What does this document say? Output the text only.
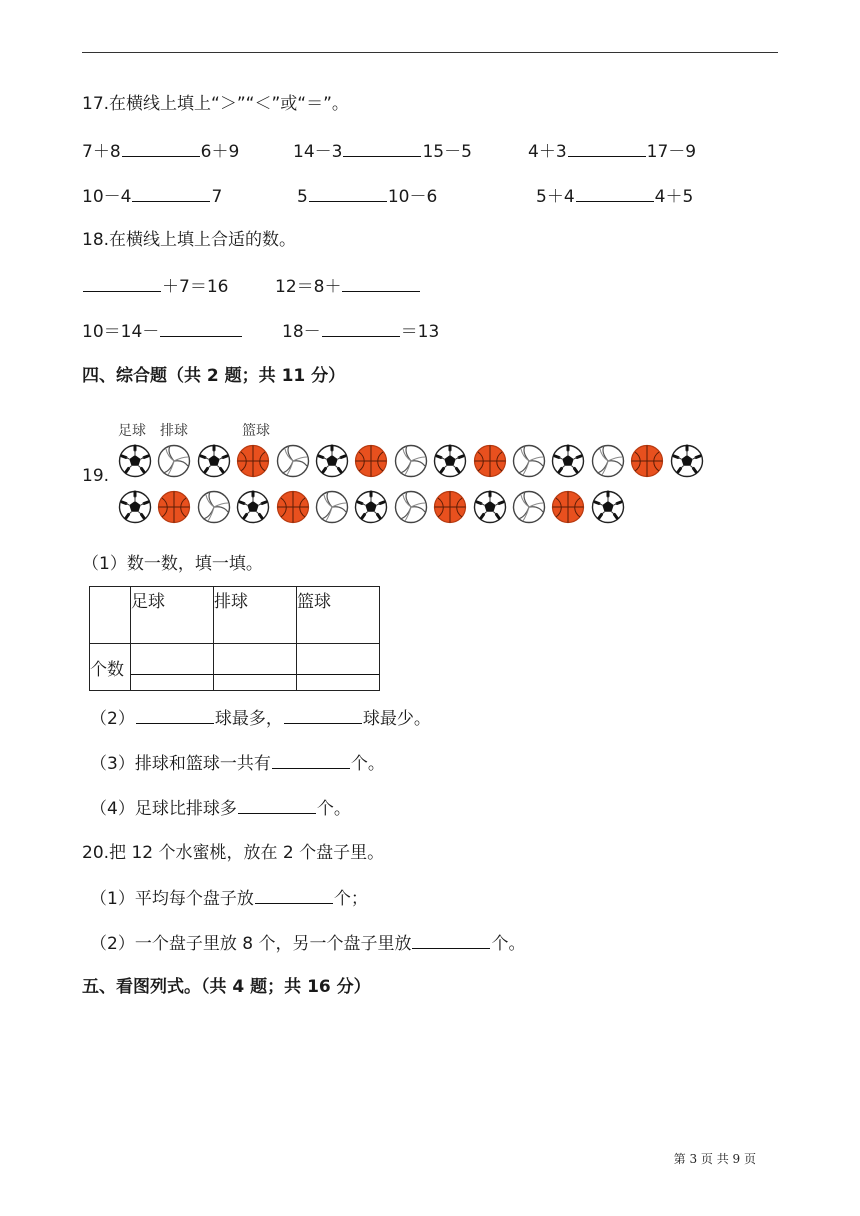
17.在横线上填上“＞”“＜”或“＝”。
7＋8	6＋9	14－3	15－5	4＋3	17－9
10－4	7	5	10－6	5＋4	4＋5
18.在横线上填上合适的数。
＋7＝16	12＝8＋
10＝14－	18－	＝13
四、综合题（共 2 题；共 11 分）
足球 排球	篮球
19.
（1）数一数，填一填。
	足球	排球	篮球
个数	

（2）	球最多，	球最少。
（3）排球和篮球一共有	个。
（4）足球比排球多	个。
20.把 12 个水蜜桃，放在 2 个盘子里。
（1）平均每个盘子放	个；
（2）一个盘子里放 8 个，另一个盘子里放	个。
五、看图列式。（共 4 题；共 16 分）
第 3 页 共 9 页
